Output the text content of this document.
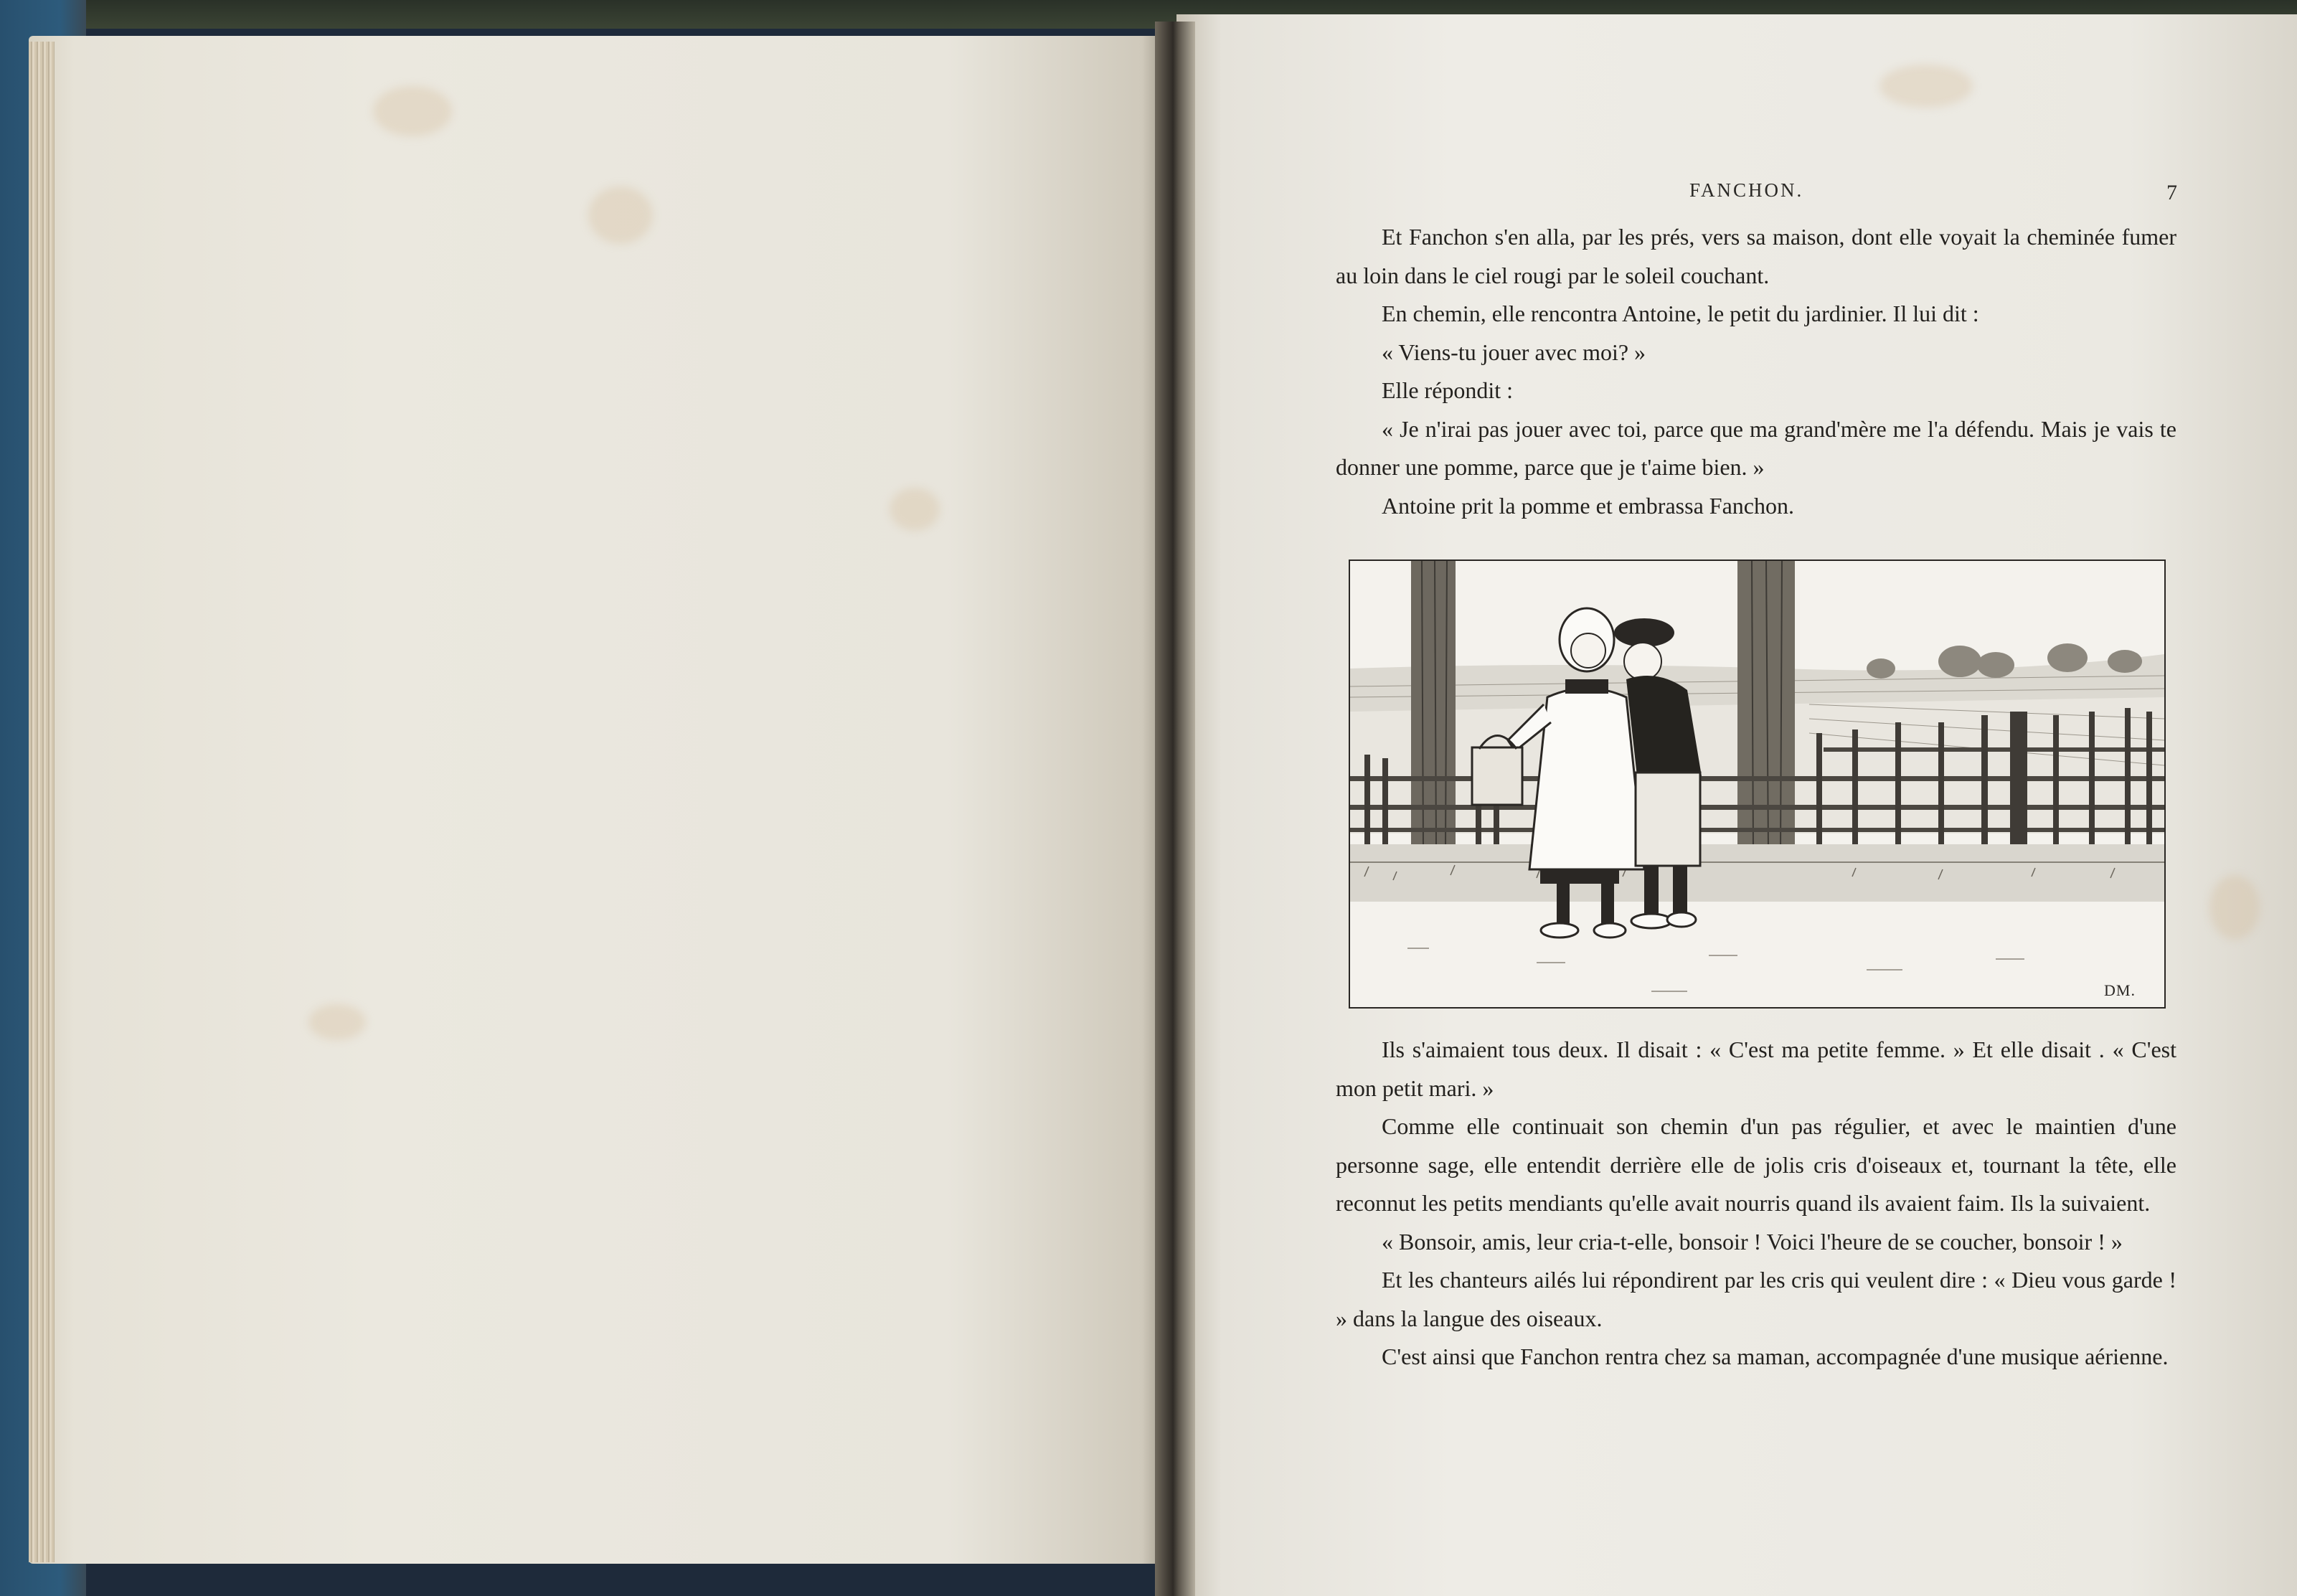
FANCHON.	7

Et Fanchon s'en alla, par les prés, vers sa maison, dont elle voyait la cheminée fumer au loin dans le ciel rougi par le soleil couchant.

En chemin, elle rencontra Antoine, le petit du jardinier. Il lui dit :

« Viens-tu jouer avec moi? »

Elle répondit :

« Je n'irai pas jouer avec toi, parce que ma grand'mère me l'a défendu. Mais je vais te donner une pomme, parce que je t'aime bien. »

Antoine prit la pomme et embrassa Fanchon.

DM.

Ils s'aimaient tous deux. Il disait : « C'est ma petite femme. » Et elle disait . « C'est mon petit mari. »

Comme elle continuait son chemin d'un pas régulier, et avec le maintien d'une personne sage, elle entendit derrière elle de jolis cris d'oiseaux et, tournant la tête, elle reconnut les petits mendiants qu'elle avait nourris quand ils avaient faim. Ils la suivaient.

« Bonsoir, amis, leur cria-t-elle, bonsoir ! Voici l'heure de se coucher, bonsoir ! »

Et les chanteurs ailés lui répondirent par les cris qui veulent dire : « Dieu vous garde ! » dans la langue des oiseaux.

C'est ainsi que Fanchon rentra chez sa maman, accompagnée d'une musique aérienne.
